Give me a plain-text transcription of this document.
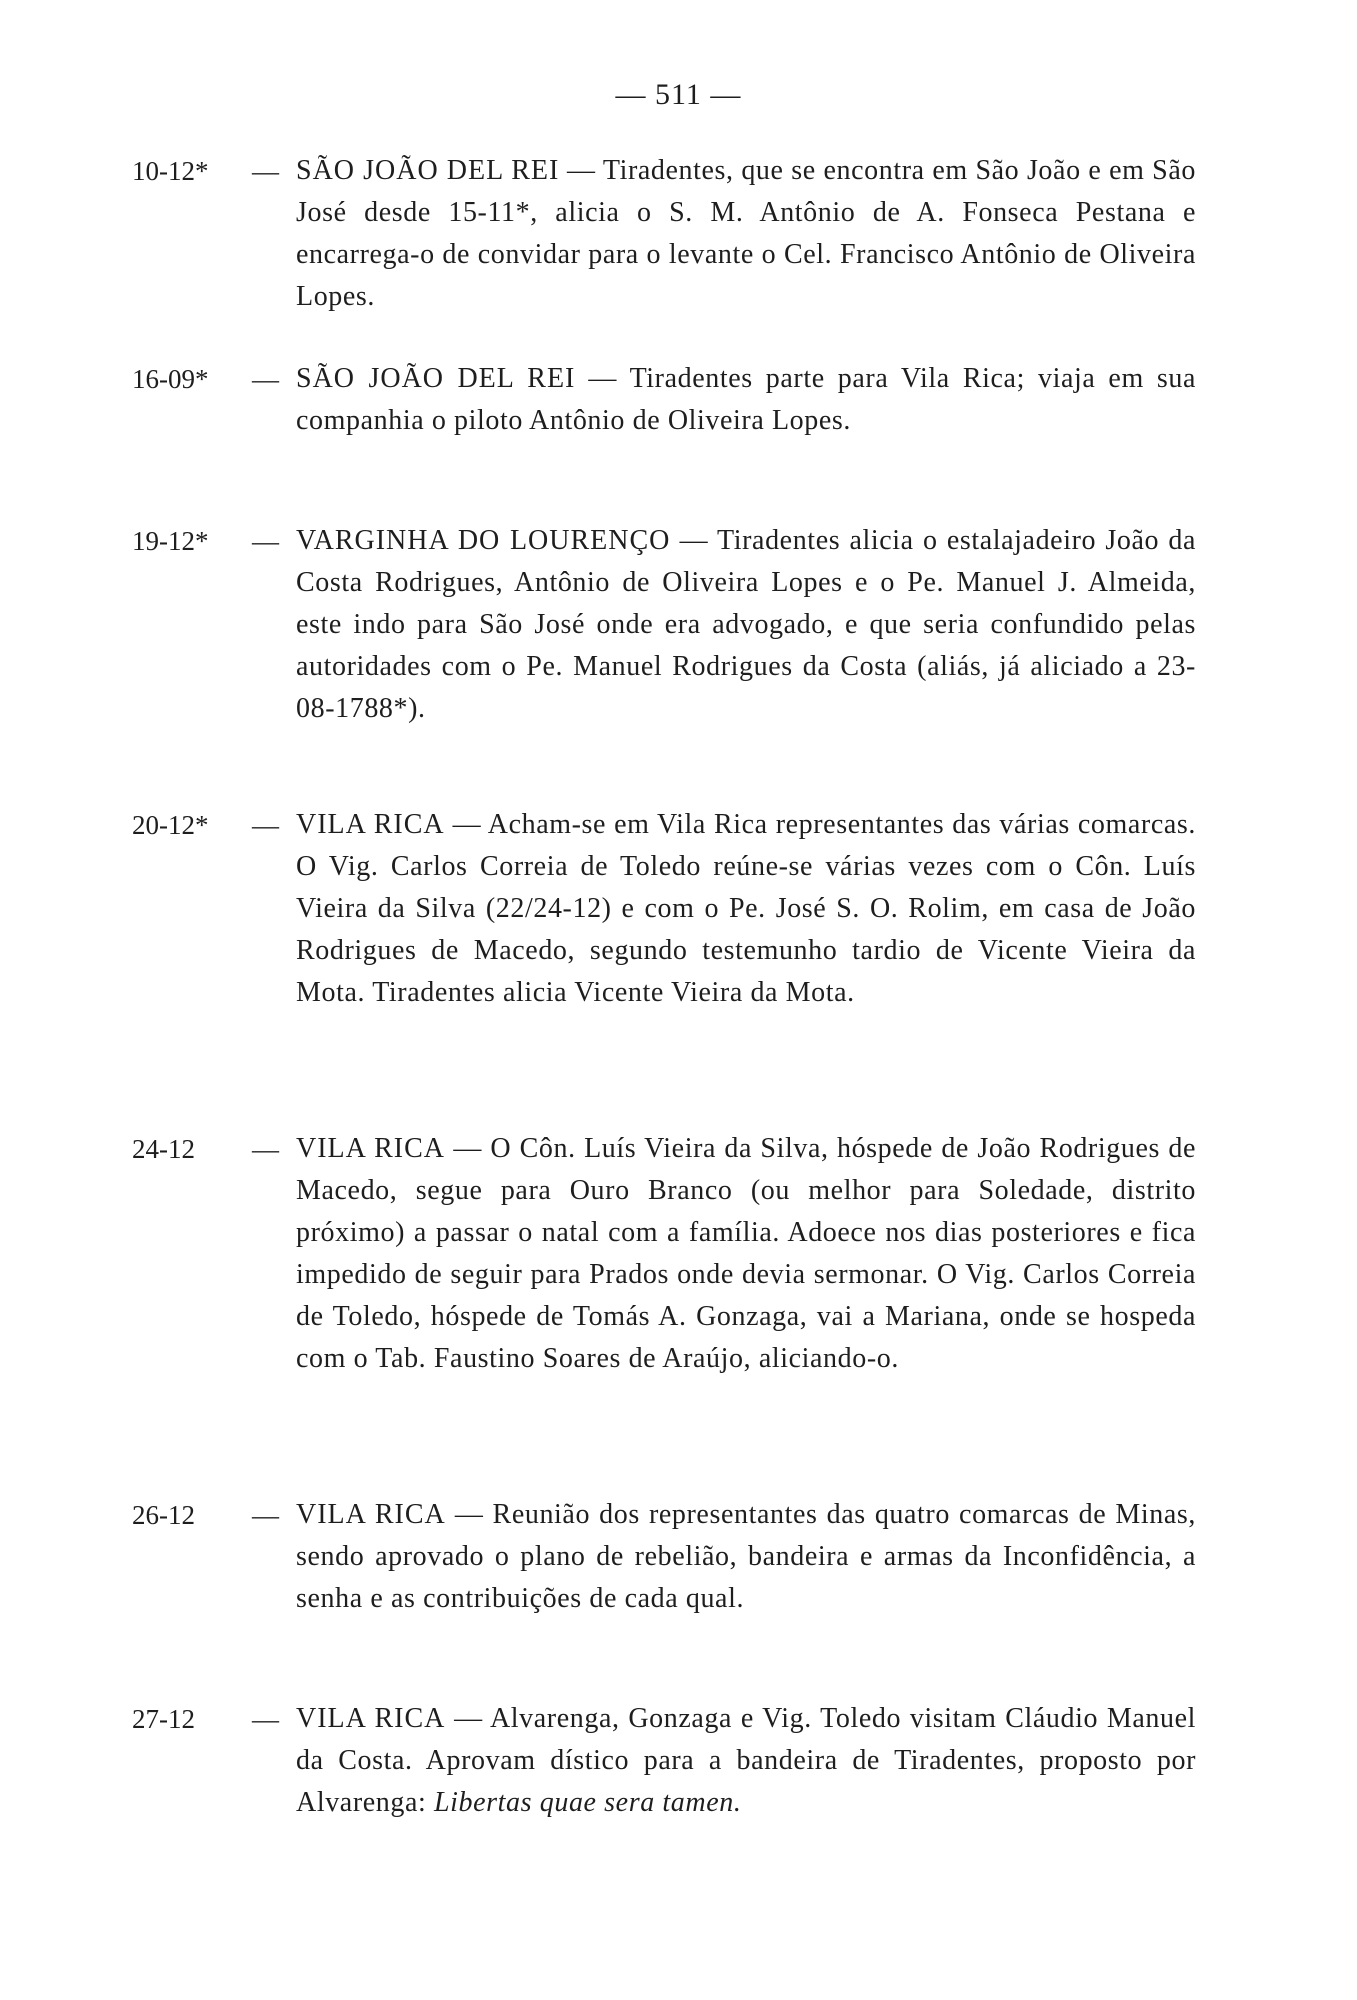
— 511 —
10-12* — SÃO JOÃO DEL REI — Tiradentes, que se encontra em São João e em São José desde 15-11*, alicia o S. M. Antônio de A. Fonseca Pestana e encarrega-o de convidar para o levante o Cel. Francisco Antônio de Oliveira Lopes.
16-09* — SÃO JOÃO DEL REI — Tiradentes parte para Vila Rica; viaja em sua companhia o piloto Antônio de Oliveira Lopes.
19-12* — VARGINHA DO LOURENÇO — Tiradentes alicia o estalajadeiro João da Costa Rodrigues, Antônio de Oliveira Lopes e o Pe. Manuel J. Almeida, este indo para São José onde era advogado, e que seria confundido pelas autoridades com o Pe. Manuel Rodrigues da Costa (aliás, já aliciado a 23-08-1788*).
20-12* — VILA RICA — Acham-se em Vila Rica representantes das várias comarcas. O Vig. Carlos Correia de Toledo reúne-se várias vezes com o Côn. Luís Vieira da Silva (22/24-12) e com o Pe. José S. O. Rolim, em casa de João Rodrigues de Macedo, segundo testemunho tardio de Vicente Vieira da Mota. Tiradentes alicia Vicente Vieira da Mota.
24-12 — VILA RICA — O Côn. Luís Vieira da Silva, hóspede de João Rodrigues de Macedo, segue para Ouro Branco (ou melhor para Soledade, distrito próximo) a passar o natal com a família. Adoece nos dias posteriores e fica impedido de seguir para Prados onde devia sermonar. O Vig. Carlos Correia de Toledo, hóspede de Tomás A. Gonzaga, vai a Mariana, onde se hospeda com o Tab. Faustino Soares de Araújo, aliciando-o.
26-12 — VILA RICA — Reunião dos representantes das quatro comarcas de Minas, sendo aprovado o plano de rebelião, bandeira e armas da Inconfidência, a senha e as contribuições de cada qual.
27-12 — VILA RICA — Alvarenga, Gonzaga e Vig. Toledo visitam Cláudio Manuel da Costa. Aprovam dístico para a bandeira de Tiradentes, proposto por Alvarenga: Libertas quae sera tamen.
